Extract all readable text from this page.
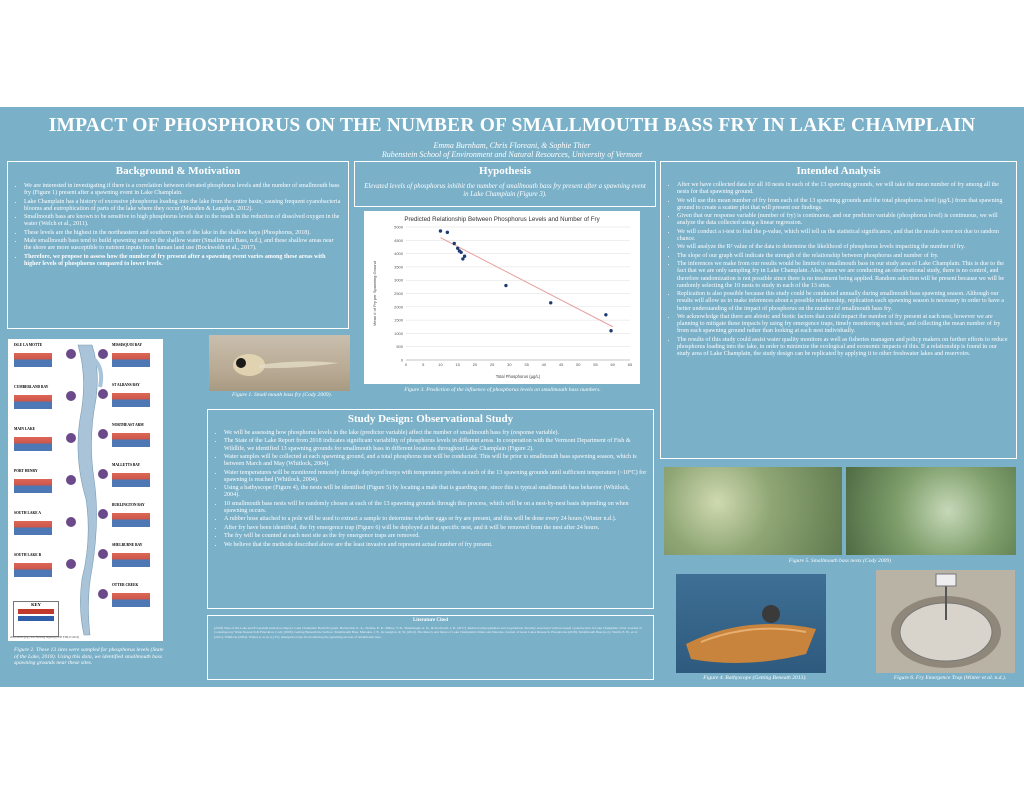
IMPACT OF PHOSPHORUS ON THE NUMBER OF SMALLMOUTH BASS FRY IN LAKE CHAMPLAIN
Emma Burnham, Chris Floreani, & Sophie Thier
Rubenstein School of Environment and Natural Resources, University of Vermont
Background & Motivation
• We are interested in investigating if there is a correlation between elevated phosphorus levels and the number of smallmouth bass fry (Figure 1) present after a spawning event in Lake Champlain.
• Lake Champlain has a history of excessive phosphorus loading into the lake from the entire basin, causing frequent cyanobacteria blooms and eutrophication of parts of the lake where they occur (Marsden & Langdon, 2012).
• Smallmouth bass are known to be sensitive to high phosphorus levels due to the result in the reduction of dissolved oxygen in the water (Welch et al., 2011).
• These levels are the highest in the northeastern and southern parts of the lake in the shallow bays (Phosphorus, 2018).
• Male smallmouth bass tend to build spawning nests in the shallow water (Smallmouth Bass, n.d.), and these shallow areas near the shore are more susceptible to nutrient inputs from human land use (Bockwoldt et al., 2017).
• Therefore, we propose to assess how the number of fry present after a spawning event varies among these areas with higher levels of phosphorus compared to lower levels.
Hypothesis
Elevated levels of phosphorus inhibit the number of smallmouth bass fry present after a spawning event in Lake Champlain (Figure 3).
Predicted Relationship Between Phosphorus Levels and Number of Fry
0
500
1000
1500
2000
2500
3000
3500
4000
4500
5000
0	5	10	15	20	25	30	35	40	45	50	55	60	65
Total Phosphorus (µg/L)
Mean # of Fry per Spawning Ground
Figure 3. Prediction of the influence of phosphorus levels on smallmouth bass numbers.
Figure 1. Small mouth bass fry (Cody 2009).
ISLE LA MOTTE
CUMBERLAND BAY
MAIN LAKE
PORT HENRY
SOUTH LAKE A
SOUTH LAKE B
MISSISQUOI BAY
ST ALBANS BAY
NORTHEAST ARM
MALLETTS BAY
BURLINGTON BAY
SHELBURNE BAY
OTTER CREEK
KEY
2001-2018 (e.g., low flowing region) (CHF FIELD 2016)
Figure 2. These 13 sites were sampled for phosphorus levels (State of the Lake, 2018). Using this data, we identified smallmouth bass spawning grounds near these sites.
Study Design: Observational Study
• We will be assessing how phosphorus levels in the lake (predictor variable) affect the number of smallmouth bass fry (response variable).
• The State of the Lake Report from 2018 indicates significant variability of phosphorus levels in different areas. In cooperation with the Vermont Department of Fish & Wildlife, we identified 13 spawning grounds for smallmouth bass in different locations throughout Lake Champlain (Figure 2).
• Water samples will be collected at each spawning ground, and a total phosphorus test will be conducted. This will be prior to smallmouth bass spawning season, which is between March and May (Whitlock, 2004).
• Water temperatures will be monitored remotely through deployed buoys with temperature probes at each of the 13 spawning grounds until sufficient temperature (~10°C) for spawning is reached (Whitlock, 2004).
• Using a bathyscope (Figure 4), the nests will be identified (Figure 5) by locating a male that is guarding one, since this is typical smallmouth bass behavior (Whitlock, 2004).
• 10 smallmouth bass nests will be randomly chosen at each of the 13 spawning grounds through this process, which will be on a nest-by-nest basis depending on when spawning occurs.
• A rubber hose attached to a pole will be used to extract a sample to determine whether eggs or fry are present, and this will be done every 24 hours (Winter n.d.).
• After fry have been identified, the fry emergence trap (Figure 6) will be deployed at that specific nest, and it will be removed from the nest after 24 hours.
• The fry will be counted at each nest site as the fry emergence traps are removed.
• We believe that the methods described above are the least invasive and represent actual number of fry present.
Literature Cited
(2018) State of the Lake and Ecosystem Indicators Report. Lake Champlain Basin Program. Bockwoldt, K. A., Nodine, E. R., Mihuc, T. B., Shambaugh, A. D., & Stockwell, J. D. (2017). Reduced phytoplankton and zooplankton diversity associated with increased cyanobacteria in Lake Champlain, USA. Journal of Contemporary Water Research & Education. Cody (2009). Getting Beneath the Surface. Smallmouth Bass. Marsden, J. E., & Langdon, R. W. (2012). The history and future of Lake Champlain's fishes and fisheries. Journal of Great Lakes Research. Phosphorus (2018). Smallmouth Bass (n.d.). Welch, E. B., et al. (2011). Whitlock (2004). Winter et al. (n.d.). Fry emergence traps for monitoring the spawning success of smallmouth bass.
Intended Analysis
• After we have collected data for all 10 nests in each of the 13 spawning grounds, we will take the mean number of fry among all the nests for that spawning ground.
• We will use this mean number of fry from each of the 13 spawning grounds and the total phosphorus level (µg/L) from that spawning ground to create a scatter plot that will present our findings.
• Given that our response variable (number of fry) is continuous, and our predictor variable (phosphorus level) is continuous, we will analyze the data collected using a linear regression.
• We will conduct a t-test to find the p-value, which will tell us the statistical significance, and that the results were not due to random chance.
• We will analyze the R² value of the data to determine the likelihood of phosphorus levels impacting the number of fry.
• The slope of our graph will indicate the strength of the relationship between phosphorus and number of fry.
• The inferences we make from our results would be limited to smallmouth bass in our study area of Lake Champlain. This is due to the fact that we are only sampling fry in Lake Champlain. Also, since we are conducting an observational study, there is no control, and therefore randomization is not possible since there is no treatment being applied. Random selection will be present because we will be randomly selecting the 10 nests to study in each of the 13 sites.
• Replication is also possible because this study could be conducted annually during smallmouth bass spawning season. Although our results will allow us to make inferences about a possible relationship, replication each spawning season is necessary in order to have a better understanding of the impact of phosphorus on the number of smallmouth bass fry.
• We acknowledge that there are abiotic and biotic factors that could impact the number of fry present at each nest, however we are planning to mitigate these impacts by using fry emergence traps, timely monitoring each nest, and collecting the mean number of fry from each spawning ground rather than looking at each nest individually.
• The results of this study could assist water quality monitors as well as fisheries managers and policy makers on further efforts to reduce phosphorus loading into the lake, in order to minimize the ecological and economic impacts of this. If a relationship is found in our study area of Lake Champlain, the study design can be replicated by applying it to other freshwater lakes and reservoirs.
Figure 5. Smallmouth bass nests (Cody 2009)
Figure 4. Bathyscope (Getting Beneath 2013).	Figure 6. Fry Emergence Trap (Winter et al. n.d.).
